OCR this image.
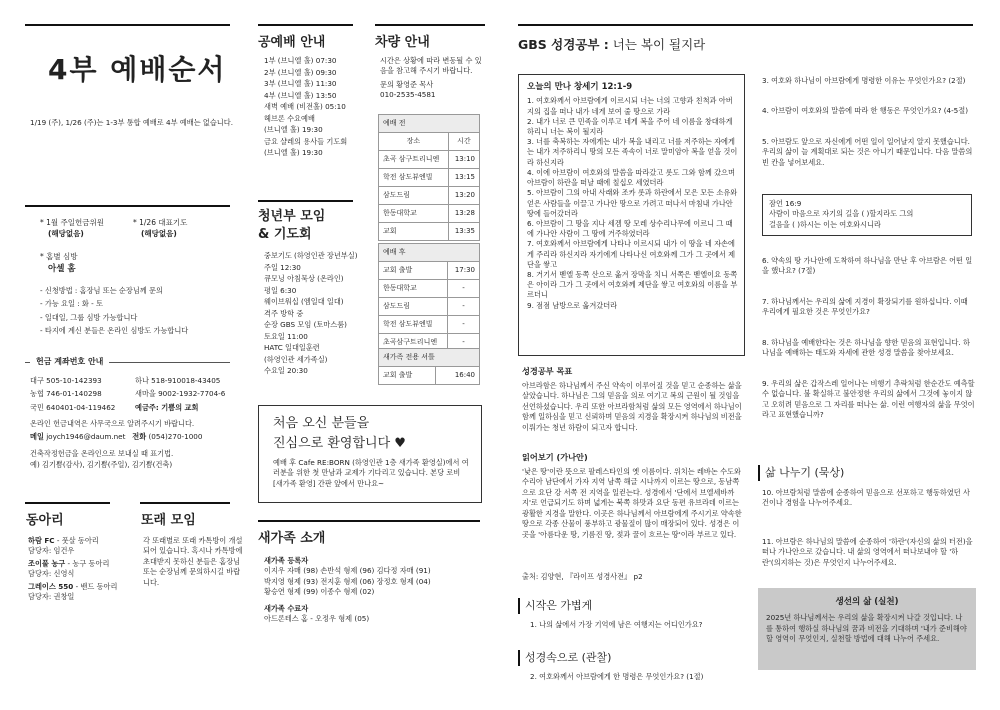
4부 예배순서
1/19 (주), 1/26 (주)는 1-3부 통합 예배로 4부 예배는 없습니다.
* 1월 주일헌금위원
(해당없음)
* 1/26 대표기도
(해당없음)
* 홈별 심방
아셀 홈
- 신청방법 : 홈장님 또는 순장님께 문의
- 가능 요일 : 화 - 토
- 일대일, 그룹 심방 가능합니다
- 타지에 계신 분들은 온라인 심방도 가능합니다
헌금 계좌번호 안내
대구 505-10-142393	하나 518-910018-43405
농협 746-01-140298	새마을 9002-1932-7704-6
국민 640401-04-119462	예금주: 기쁨의 교회
온라인 헌금내역은 사무국으로 알려주시기 바랍니다.
메일 joych1946@daum.net 전화 (054)270-1000
건축작정헌금을 온라인으로 보내실 때 표기법.
예) 김기쁨(감사), 김기쁨(주일), 김기쁨(건축)
동아리
하람 FC - 풋살 동아리
담당자: 임건우
조이풀 농구 - 농구 동아리
담당자: 신영식
그레이스 550 - 밴드 동아리
담당자: 권창일
또래 모임
각 또래별로 또래 카톡방이 개설되어 있습니다. 혹시나 카톡방에 초대받지 못하신 분들은 홈장님 또는 순장님께 문의하시길 바랍니다.
공예배 안내
1부 (브니엘 홀) 07:30
2부 (브니엘 홀) 09:30
3부 (브니엘 홀) 11:30
4부 (브니엘 홀) 13:50
새벽 예배 (비전홀) 05:10
헤브론 수요예배
(브니엘 홀) 19:30
금요 샬레의 용사들 기도회
(브니엘 홀) 19:30
청년부 모임
& 기도회
중보기도 (하영인관 장년부실)
주일 12:30
큐모닝 아침묵상 (온라인)
평일 6:30
웨이브워십 (엠일대 일대)
격주 방학 중
순장 GBS 모임 (토마스룸)
토요일 11:00
HATC 일대일훈련
(하영인관 세가족실)
수요일 20:30
차량 안내
시간은 상황에 따라 변동될 수 있음을 참고해 주시기 바랍니다.
문의 황영준 목사
010-2535-4581
예배 전	
장소	시간
초곡 삼구트리니엔	13:10
학전 삼도뷰엔빌	13:15
삼도드림	13:20
한동대학교	13:28
교회	13:35
예배 후	
교회 출발	17:30
한동대학교	-
삼도드림	-
학전 삼도뷰엔빌	-
초곡삼구트리니엔	-
새가족 전용 셔틀
교회 출발	16:40
처음 오신 분들을
진심으로 환영합니다 ♥
예배 후 Cafe RE:BORN (하영인관 1층 새가족 환영실)에서 여러분을 위한 첫 만남과 교제가 기다리고 있습니다. 본당 로비 [새가족 환영] 간판 앞에서 만나요~
새가족 소개
새가족 등록자
이지우 자매 (98) 손반석 형제 (96) 김다정 자매 (91)
박지영 형제 (93) 전지훈 형제 (06) 장정호 형제 (04)
황승연 형제 (99) 이종수 형제 (02)
새가족 수료자
아드론테스 홈 - 오정우 형제 (05)
GBS 성경공부 : 너는 복이 될지라
오늘의 만나 창세기 12:1-9
1. 여호와께서 아브람에게 이르시되 너는 너의 고향과 친척과 아버지의 집을 떠나 내가 네게 보여 줄 땅으로 가라
2. 내가 너로 큰 민족을 이루고 네게 복을 주어 네 이름을 창대하게 하리니 너는 복이 될지라
3. 너를 축복하는 자에게는 내가 복을 내리고 너를 저주하는 자에게는 내가 저주하리니 땅의 모든 족속이 너로 말미암아 복을 얻을 것이라 하신지라
4. 이에 아브람이 여호와의 말씀을 따라갔고 롯도 그와 함께 갔으며 아브람이 하란을 떠날 때에 칠십오 세였더라
5. 아브람이 그의 아내 사래와 조카 롯과 하란에서 모은 모든 소유와 얻은 사람들을 이끌고 가나안 땅으로 가려고 떠나서 마침내 가나안 땅에 들어갔더라
6. 아브람이 그 땅을 지나 세겜 땅 모레 상수리나무에 이르니 그 때에 가나안 사람이 그 땅에 거주하였더라
7. 여호와께서 아브람에게 나타나 이르시되 내가 이 땅을 네 자손에게 주리라 하신지라 자기에게 나타나신 여호와께 그가 그 곳에서 제단을 쌓고
8. 거기서 벧엘 동쪽 산으로 옮겨 장막을 치니 서쪽은 벧엘이요 동쪽은 아이라 그가 그 곳에서 여호와께 제단을 쌓고 여호와의 이름을 부르더니
9. 점점 남방으로 옮겨갔더라
성경공부 목표
아브라함은 하나님께서 주신 약속이 이루어질 것을 믿고 순종하는 삶을 살았습니다. 하나님은 그의 믿음을 의로 여기고 복의 근원이 될 것임을 선언하셨습니다. 우리 또한 아브라함처럼 삶의 모든 영역에서 하나님이 함께 일하심을 믿고 신뢰하며 믿음의 지경을 확장시켜 하나님의 비전을 이뤄가는 청년 하람이 되고자 합니다.
읽어보기 (가나안)
'낮은 땅'이란 뜻으로 팔레스타인의 옛 이름이다. 위치는 레바논 수도와 수리아 남단에서 가자 지역 남쪽 해글 시나까지 이르는 땅으로, 동남쪽으로 요단 강 서쪽 전 지역을 일컫는다. 성경에서 '단에서 브엘세바까지'로 언급되기도 하며 넓게는 북쪽 하맛과 요단 동편 유브라데 이르는 광활한 지경을 말한다. 이곳은 하나님께서 아브람에게 주시기로 약속한 땅으로 각종 산물이 풍부하고 광물질이 많이 매장되어 있다. 성경은 이곳을 '아름다운 땅, 기름진 땅, 젖과 꿀이 흐르는 땅'이라 부르고 있다.
출처: 김양현, 『라이프 성경사전』 p2
시작은 가볍게
1. 나의 삶에서 가장 기억에 남은 여행지는 어디인가요?
성경속으로 (관찰)
2. 여호와께서 아브람에게 한 명령은 무엇인가요? (1절)
3. 여호와 하나님이 아브람에게 명령한 이유는 무엇인가요? (2절)
4. 아브람이 여호와의 말씀에 따라 한 행동은 무엇인가요? (4-5절)
5. 아브람도 앞으로 자신에게 어떤 일이 일어날지 알지 못했습니다. 우리의 삶이 늘 계획대로 되는 것은 아니기 때문입니다. 다음 말씀의 빈 칸을 넣어보세요.
잠언 16:9
사람이 마음으로 자기의 길을 ( )할지라도 그의
걸음을 ( )하시는 이는 여호와시니라
6. 약속의 땅 가나안에 도착하여 하나님을 만난 후 아브람은 어떤 일을 했나요? (7절)
7. 하나님께서는 우리의 삶에 지경이 확장되기를 원하십니다. 이때 우리에게 필요한 것은 무엇인가요?
8. 하나님을 예배한다는 것은 하나님을 향한 믿음의 표현입니다. 하나님을 예배하는 태도와 자세에 관한 성경 말씀을 찾아보세요.
9. 우리의 삶은 갑작스레 일어나는 비행기 추락처럼 한순간도 예측할 수 없습니다. 불 확실하고 불안정한 우리의 삶에서 그것에 놓이지 않고 오히려 믿음으로 그 자리를 떠나는 삶. 이런 여행자의 삶을 무엇이라고 표현했습니까?
삶 나누기 (묵상)
10. 아브람처럼 말씀에 순종하여 믿음으로 선포하고 행동하였던 사건이나 경험을 나누어주세요.
11. 아브람은 하나님의 말씀에 순종하여 '하란'(자신의 삶의 터전)을 떠나 가나안으로 갔습니다. 내 삶의 영역에서 떠나보내야 할 '하란'(의지하는 것)은 무엇인지 나누어주세요.
생선의 삶 (실천)
2025년 하나님께서는 우리의 삶을 확장시켜 나갈 것입니다. 나를 통하여 행하실 하나님의 꿈과 비전을 기대하며 '내가 준비해야 할 영역이 무엇인지, 실천할 방법에 대해 나누어 주세요.
